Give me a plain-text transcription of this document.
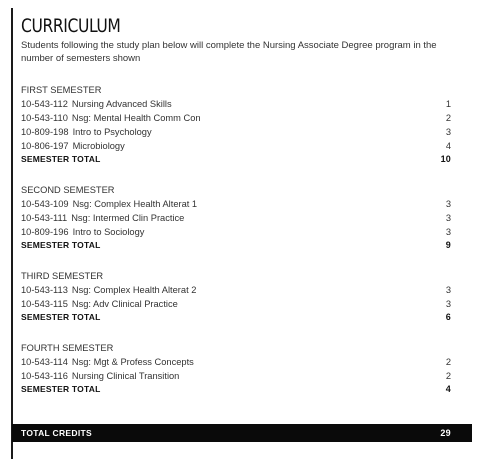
CURRICULUM

Students following the study plan below will complete the Nursing Associate Degree program in the number of semesters shown

FIRST SEMESTER
10-543-112 Nursing Advanced Skills	1
10-543-110 Nsg: Mental Health Comm Con	2
10-809-198 Intro to Psychology	3
10-806-197 Microbiology	4
SEMESTER TOTAL	10
SECOND SEMESTER
10-543-109 Nsg: Complex Health Alterat 1	3
10-543-111 Nsg: Intermed Clin Practice	3
10-809-196 Intro to Sociology	3
SEMESTER TOTAL	9
THIRD SEMESTER
10-543-113 Nsg: Complex Health Alterat 2	3
10-543-115 Nsg: Adv Clinical Practice	3
SEMESTER TOTAL	6
FOURTH SEMESTER
10-543-114 Nsg: Mgt & Profess Concepts	2
10-543-116 Nursing Clinical Transition	2
SEMESTER TOTAL	4
TOTAL CREDITS	29
